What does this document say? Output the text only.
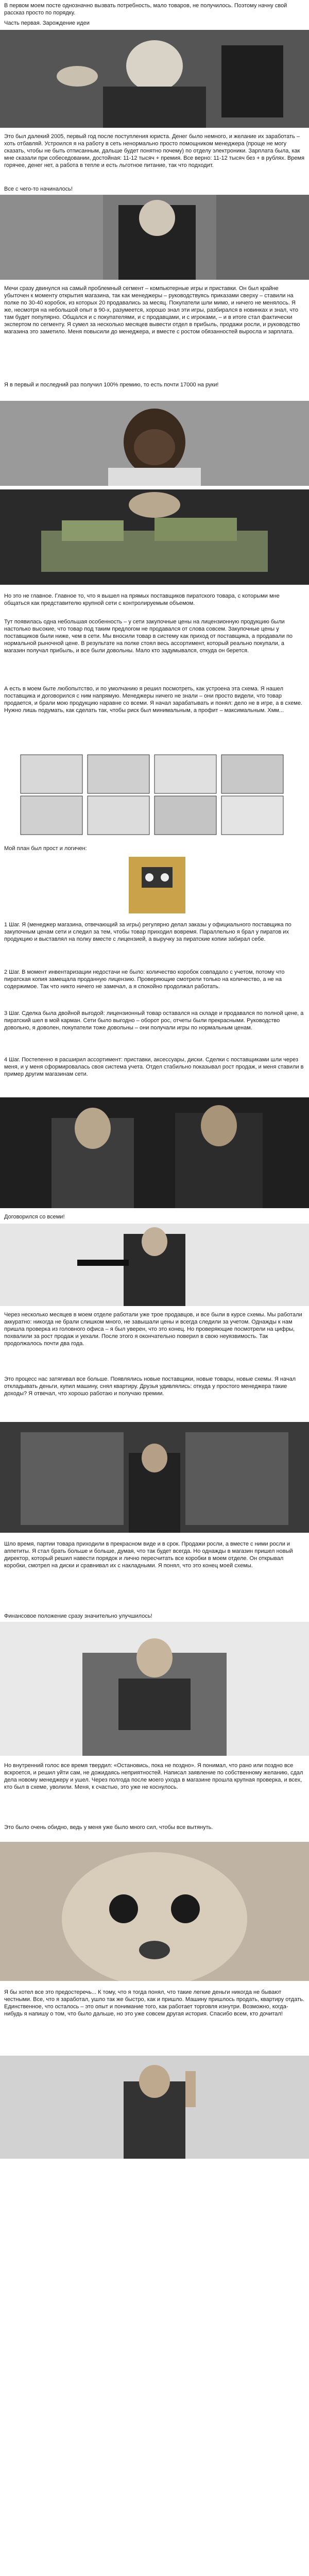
В первом моем посте однозначно вызвать потребность, мало товаров, не получилось. Поэтому начну свой рассказ просто по порядку.

Часть первая. Зарождение идеи

Это был далекий 2005, первый год после поступления юриста. Денег было немного, и желание их заработать – хоть отбавляй. Устроился я на работу в сеть ненормально просто помощником менеджера (проще не могу сказать, чтобы не быть отписанным, дальше будет понятно почему) по отделу электроники. Зарплата была, как мне сказали при собеседовании, достойная: 11-12 тысяч + премия. Все верно: 11-12 тысяч без + в рублях. Время горячее, денег нет, а работа в тепле и есть льготное питание, так что подходит.

Все с чего-то начиналось!

Мечи сразу двинулся на самый проблемный сегмент – компьютерные игры и приставки. Он был крайне убыточен к моменту открытия магазина, так как менеджеры – руководствуясь приказами сверху – ставили на полке по 30-40 коробок, из которых 20 продавались за месяц. Покупатели шли мимо, и ничего не менялось. Я же, несмотря на небольшой опыт в 90-х, разумеется, хорошо знал эти игры, разбирался в новинках и знал, что там будет популярно. Общался и с покупателями, и с продавцами, и с игроками, – и в итоге стал фактически экспертом по сегменту. Я сумел за несколько месяцев вывести отдел в прибыль, продажи росли, и руководство магазина это заметило. Меня повысили до менеджера, и вместе с ростом обязанностей выросла и зарплата.

Я в первый и последний раз получил 100% премию, то есть почти 17000 на руки!

Но это не главное. Главное то, что я вышел на прямых поставщиков пиратского товара, с которыми мне общаться как представителю крупной сети с контролируемым объемом.

Тут появилась одна небольшая особенность – у сети закупочные цены на лицензионную продукцию были настолько высокие, что товар под таким предлогом не продавался от слова совсем. Закупочные цены у поставщиков были ниже, чем в сети. Мы вносили товар в систему как приход от поставщика, а продавали по нормальной рыночной цене. В результате на полке стоял весь ассортимент, который реально покупали, а магазин получал прибыль, и все были довольны. Мало кто задумывался, откуда он берется.

А есть в моем быте любопытство, и по умолчанию я решил посмотреть, как устроена эта схема. Я нашел поставщика и договорился с ним напрямую. Менеджеры ничего не знали – они просто видели, что товар продается, и брали мою продукцию наравне со всеми. Я начал зарабатывать и понял: дело не в игре, а в схеме. Нужно лишь подумать, как сделать так, чтобы риск был минимальным, а профит – максимальным. Хмм...

Мой план был прост и логичен:

1 Шаг. Я (менеджер магазина, отвечающий за игры) регулярно делал заказы у официального поставщика по закупочным ценам сети и следил за тем, чтобы товар приходил вовремя. Параллельно я брал у пиратов их продукцию и выставлял на полку вместе с лицензией, а выручку за пиратские копии забирал себе.

2 Шаг. В момент инвентаризации недостачи не было: количество коробок совпадало с учетом, потому что пиратская копия замещала проданную лицензию. Проверяющие смотрели только на количество, а не на содержимое. Так что никто ничего не замечал, а я спокойно продолжал работать.

3 Шаг. Сделка была двойной выгодой: лицензионный товар оставался на складе и продавался по полной цене, а пиратский шел в мой карман. Сети было выгодно – оборот рос, отчеты были прекрасными. Руководство довольно, я доволен, покупатели тоже довольны – они получали игры по нормальным ценам.

4 Шаг. Постепенно я расширил ассортимент: приставки, аксессуары, диски. Сделки с поставщиками шли через меня, и у меня сформировалась своя система учета. Отдел стабильно показывал рост продаж, и меня ставили в пример другим магазинам сети.

Договорился со всеми!

Через несколько месяцев в моем отделе работали уже трое продавцов, и все были в курсе схемы. Мы работали аккуратно: никогда не брали слишком много, не завышали цены и всегда следили за учетом. Однажды к нам пришла проверка из головного офиса – я был уверен, что это конец. Но проверяющие посмотрели на цифры, похвалили за рост продаж и уехали. После этого я окончательно поверил в свою неуязвимость. Так продолжалось почти два года.

Это процесс нас затягивал все больше. Появлялись новые поставщики, новые товары, новые схемы. Я начал откладывать деньги, купил машину, снял квартиру. Друзья удивлялись: откуда у простого менеджера такие доходы? Я отвечал, что хорошо работаю и получаю премии.

Шло время, партии товара приходили в прекрасном виде и в срок. Продажи росли, а вместе с ними росли и аппетиты. Я стал брать больше и больше, думая, что так будет всегда. Но однажды в магазин пришел новый директор, который решил навести порядок и лично пересчитать все коробки в моем отделе. Он открывал коробки, смотрел на диски и сравнивал их с накладными. Я понял, что это конец моей схемы.

Финансовое положение сразу значительно улучшилось!

Но внутренний голос все время твердил: «Остановись, пока не поздно». Я понимал, что рано или поздно все вскроется, и решил уйти сам, не дожидаясь неприятностей. Написал заявление по собственному желанию, сдал дела новому менеджеру и ушел. Через полгода после моего ухода в магазине прошла крупная проверка, и всех, кто был в схеме, уволили. Меня, к счастью, это уже не коснулось.

Это было очень обидно, ведь у меня уже было много сил, чтобы все вытянуть.

Я бы хотел все это предостеречь... К тому, что я тогда понял, что такие легкие деньги никогда не бывают честными. Все, что я заработал, ушло так же быстро, как и пришло. Машину пришлось продать, квартиру отдать. Единственное, что осталось – это опыт и понимание того, как работает торговля изнутри. Возможно, когда-нибудь я напишу о том, что было дальше, но это уже совсем другая история. Спасибо всем, кто дочитал!
